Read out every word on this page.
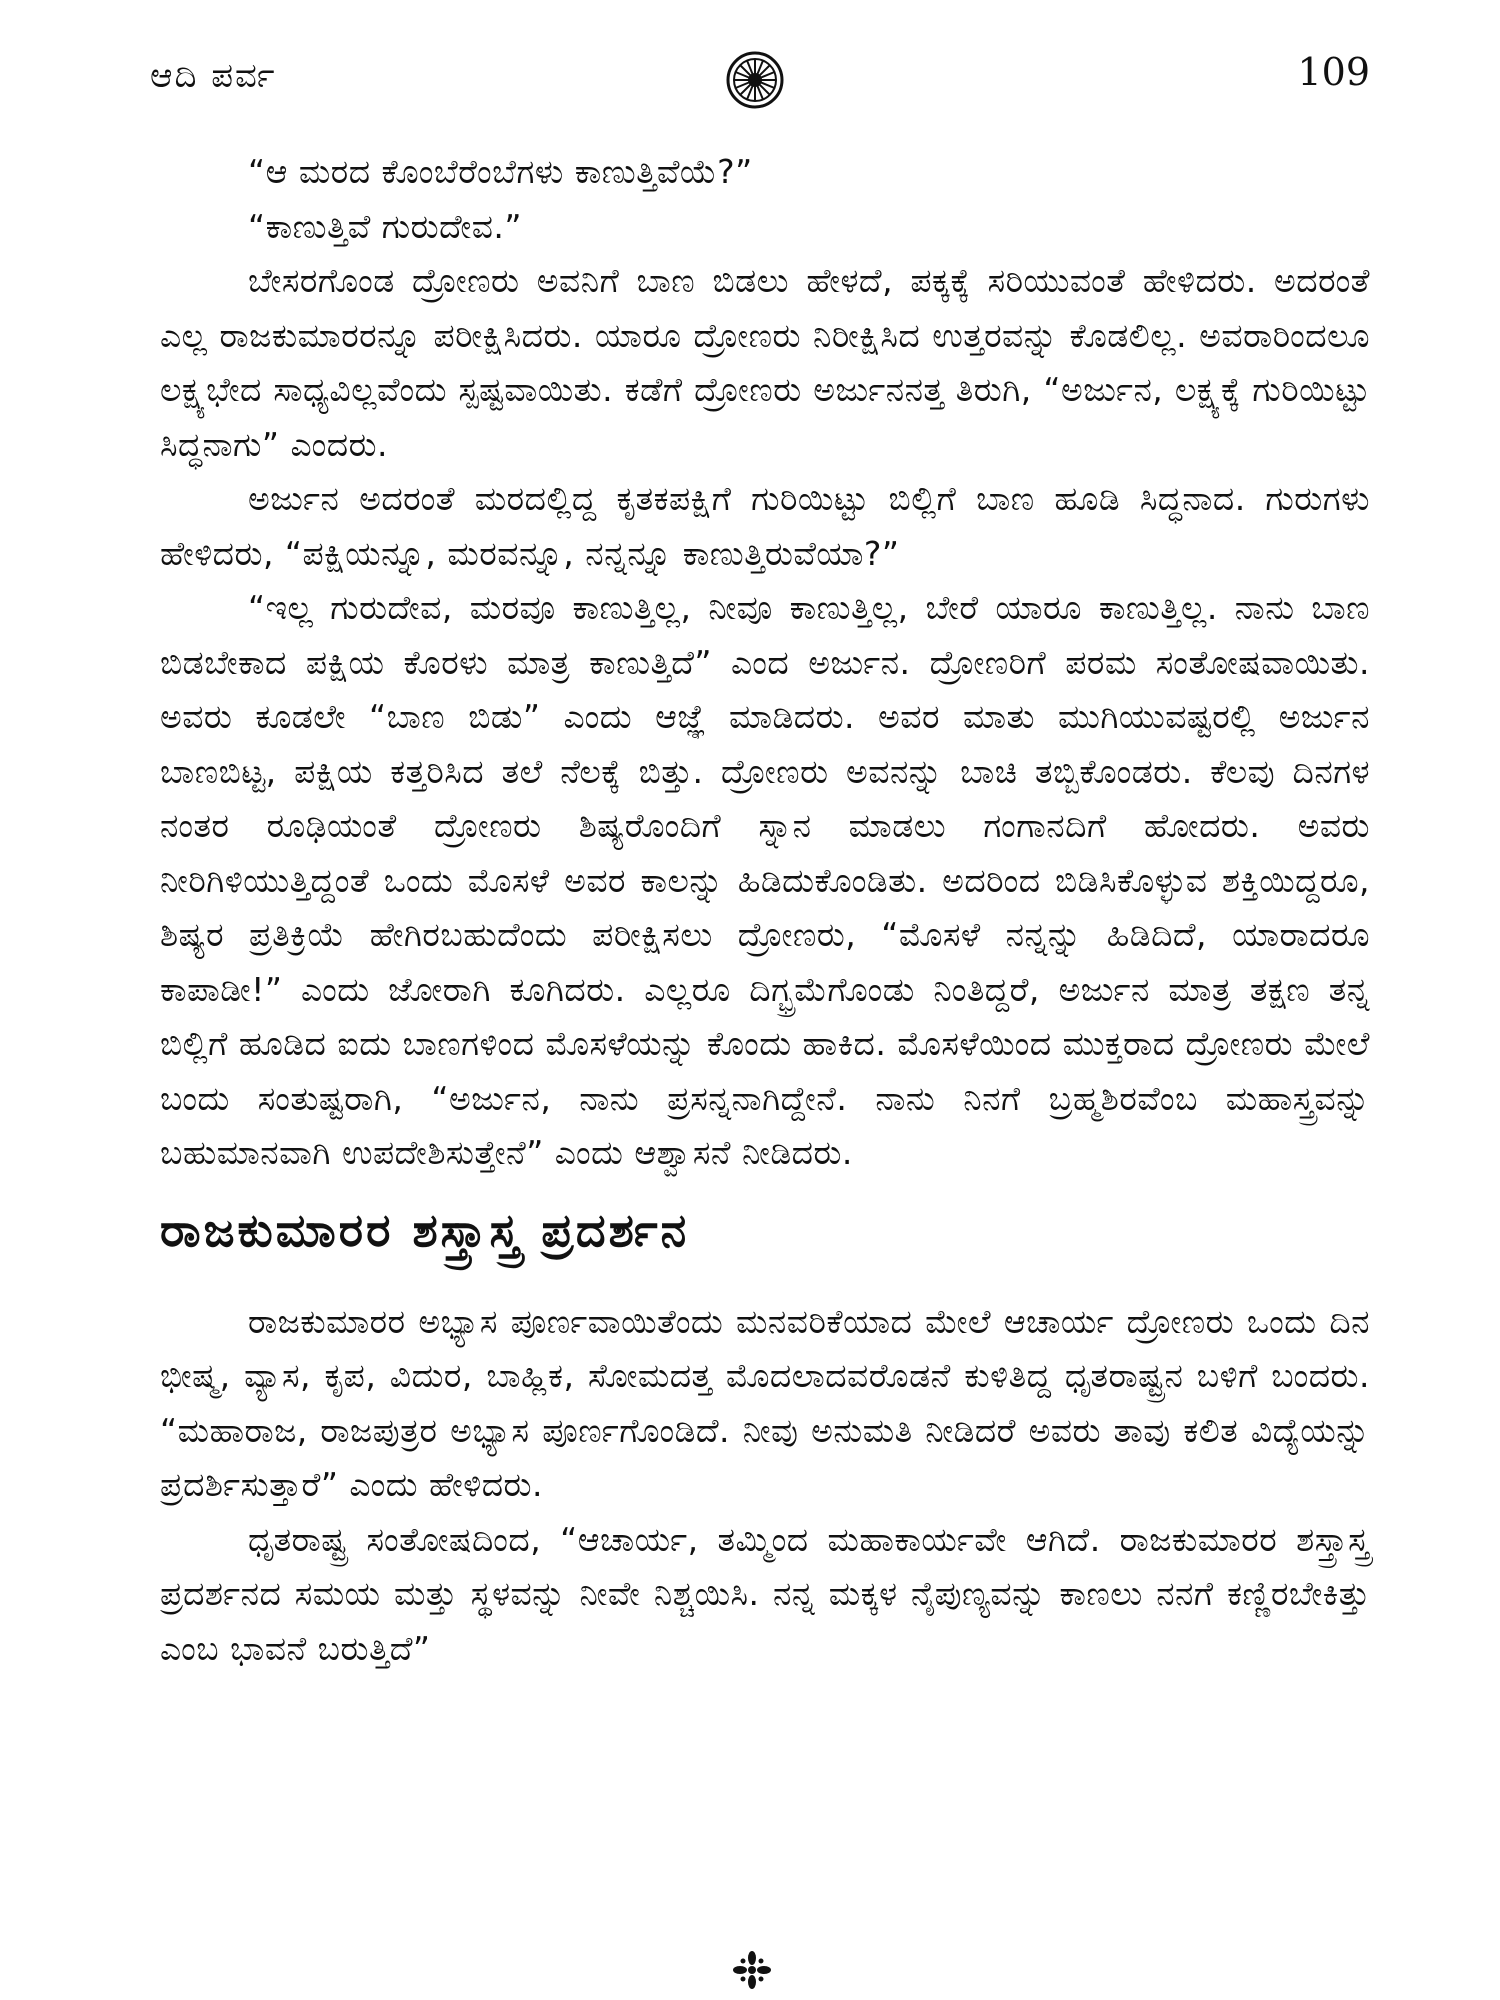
ಆದಿ ಪರ್ವ	109

“ಆ ಮರದ ಕೊಂಬೆರೆಂಬೆಗಳು ಕಾಣುತ್ತಿವೆಯೆ?”

“ಕಾಣುತ್ತಿವೆ ಗುರುದೇವ.”

ಬೇಸರಗೊಂಡ ದ್ರೋಣರು ಅವನಿಗೆ ಬಾಣ ಬಿಡಲು ಹೇಳದೆ, ಪಕ್ಕಕ್ಕೆ ಸರಿಯುವಂತೆ ಹೇಳಿದರು. ಅದರಂತೆ ಎಲ್ಲ ರಾಜಕುಮಾರರನ್ನೂ ಪರೀಕ್ಷಿಸಿದರು. ಯಾರೂ ದ್ರೋಣರು ನಿರೀಕ್ಷಿಸಿದ ಉತ್ತರವನ್ನು ಕೊಡಲಿಲ್ಲ. ಅವರಾರಿಂದಲೂ ಲಕ್ಷ್ಯಭೇದ ಸಾಧ್ಯವಿಲ್ಲವೆಂದು ಸ್ಪಷ್ಟವಾಯಿತು. ಕಡೆಗೆ ದ್ರೋಣರು ಅರ್ಜುನನತ್ತ ತಿರುಗಿ, “ಅರ್ಜುನ, ಲಕ್ಷ್ಯಕ್ಕೆ ಗುರಿಯಿಟ್ಟು ಸಿದ್ಧನಾಗು” ಎಂದರು.

ಅರ್ಜುನ ಅದರಂತೆ ಮರದಲ್ಲಿದ್ದ ಕೃತಕಪಕ್ಷಿಗೆ ಗುರಿಯಿಟ್ಟು ಬಿಲ್ಲಿಗೆ ಬಾಣ ಹೂಡಿ ಸಿದ್ಧನಾದ. ಗುರುಗಳು ಹೇಳಿದರು, “ಪಕ್ಷಿಯನ್ನೂ, ಮರವನ್ನೂ, ನನ್ನನ್ನೂ ಕಾಣುತ್ತಿರುವೆಯಾ?”

“ಇಲ್ಲ ಗುರುದೇವ, ಮರವೂ ಕಾಣುತ್ತಿಲ್ಲ, ನೀವೂ ಕಾಣುತ್ತಿಲ್ಲ, ಬೇರೆ ಯಾರೂ ಕಾಣುತ್ತಿಲ್ಲ. ನಾನು ಬಾಣ ಬಿಡಬೇಕಾದ ಪಕ್ಷಿಯ ಕೊರಳು ಮಾತ್ರ ಕಾಣುತ್ತಿದೆ” ಎಂದ ಅರ್ಜುನ. ದ್ರೋಣರಿಗೆ ಪರಮ ಸಂತೋಷವಾಯಿತು. ಅವರು ಕೂಡಲೇ “ಬಾಣ ಬಿಡು” ಎಂದು ಆಜ್ಞೆ ಮಾಡಿದರು. ಅವರ ಮಾತು ಮುಗಿಯುವಷ್ಟರಲ್ಲಿ ಅರ್ಜುನ ಬಾಣಬಿಟ್ಟ, ಪಕ್ಷಿಯ ಕತ್ತರಿಸಿದ ತಲೆ ನೆಲಕ್ಕೆ ಬಿತ್ತು. ದ್ರೋಣರು ಅವನನ್ನು ಬಾಚಿ ತಬ್ಬಿಕೊಂಡರು. ಕೆಲವು ದಿನಗಳ ನಂತರ ರೂಢಿಯಂತೆ ದ್ರೋಣರು ಶಿಷ್ಯರೊಂದಿಗೆ ಸ್ನಾನ ಮಾಡಲು ಗಂಗಾನದಿಗೆ ಹೋದರು. ಅವರು ನೀರಿಗಿಳಿಯುತ್ತಿದ್ದಂತೆ ಒಂದು ಮೊಸಳೆ ಅವರ ಕಾಲನ್ನು ಹಿಡಿದುಕೊಂಡಿತು. ಅದರಿಂದ ಬಿಡಿಸಿಕೊಳ್ಳುವ ಶಕ್ತಿಯಿದ್ದರೂ, ಶಿಷ್ಯರ ಪ್ರತಿಕ್ರಿಯೆ ಹೇಗಿರಬಹುದೆಂದು ಪರೀಕ್ಷಿಸಲು ದ್ರೋಣರು, “ಮೊಸಳೆ ನನ್ನನ್ನು ಹಿಡಿದಿದೆ, ಯಾರಾದರೂ ಕಾಪಾಡೀ!” ಎಂದು ಜೋರಾಗಿ ಕೂಗಿದರು. ಎಲ್ಲರೂ ದಿಗ್ಭ್ರಮೆಗೊಂಡು ನಿಂತಿದ್ದರೆ, ಅರ್ಜುನ ಮಾತ್ರ ತಕ್ಷಣ ತನ್ನ ಬಿಲ್ಲಿಗೆ ಹೂಡಿದ ಐದು ಬಾಣಗಳಿಂದ ಮೊಸಳೆಯನ್ನು ಕೊಂದು ಹಾಕಿದ. ಮೊಸಳೆಯಿಂದ ಮುಕ್ತರಾದ ದ್ರೋಣರು ಮೇಲೆ ಬಂದು ಸಂತುಷ್ಟರಾಗಿ, “ಅರ್ಜುನ, ನಾನು ಪ್ರಸನ್ನನಾಗಿದ್ದೇನೆ. ನಾನು ನಿನಗೆ ಬ್ರಹ್ಮಶಿರವೆಂಬ ಮಹಾಸ್ತ್ರವನ್ನು ಬಹುಮಾನವಾಗಿ ಉಪದೇಶಿಸುತ್ತೇನೆ” ಎಂದು ಆಶ್ವಾಸನೆ ನೀಡಿದರು.

ರಾಜಕುಮಾರರ ಶಸ್ತ್ರಾಸ್ತ್ರ ಪ್ರದರ್ಶನ

ರಾಜಕುಮಾರರ ಅಭ್ಯಾಸ ಪೂರ್ಣವಾಯಿತೆಂದು ಮನವರಿಕೆಯಾದ ಮೇಲೆ ಆಚಾರ್ಯ ದ್ರೋಣರು ಒಂದು ದಿನ ಭೀಷ್ಮ, ವ್ಯಾಸ, ಕೃಪ, ವಿದುರ, ಬಾಹ್ಲಿಕ, ಸೋಮದತ್ತ ಮೊದಲಾದವರೊಡನೆ ಕುಳಿತಿದ್ದ ಧೃತರಾಷ್ಟ್ರನ ಬಳಿಗೆ ಬಂದರು. “ಮಹಾರಾಜ, ರಾಜಪುತ್ರರ ಅಭ್ಯಾಸ ಪೂರ್ಣಗೊಂಡಿದೆ. ನೀವು ಅನುಮತಿ ನೀಡಿದರೆ ಅವರು ತಾವು ಕಲಿತ ವಿದ್ಯೆಯನ್ನು ಪ್ರದರ್ಶಿಸುತ್ತಾರೆ” ಎಂದು ಹೇಳಿದರು.

ಧೃತರಾಷ್ಟ್ರ ಸಂತೋಷದಿಂದ, “ಆಚಾರ್ಯ, ತಮ್ಮಿಂದ ಮಹಾಕಾರ್ಯವೇ ಆಗಿದೆ. ರಾಜಕುಮಾರರ ಶಸ್ತ್ರಾಸ್ತ್ರ ಪ್ರದರ್ಶನದ ಸಮಯ ಮತ್ತು ಸ್ಥಳವನ್ನು ನೀವೇ ನಿಶ್ಚಯಿಸಿ. ನನ್ನ ಮಕ್ಕಳ ನೈಪುಣ್ಯವನ್ನು ಕಾಣಲು ನನಗೆ ಕಣ್ಣಿರಬೇಕಿತ್ತು ಎಂಬ ಭಾವನೆ ಬರುತ್ತಿದೆ”
